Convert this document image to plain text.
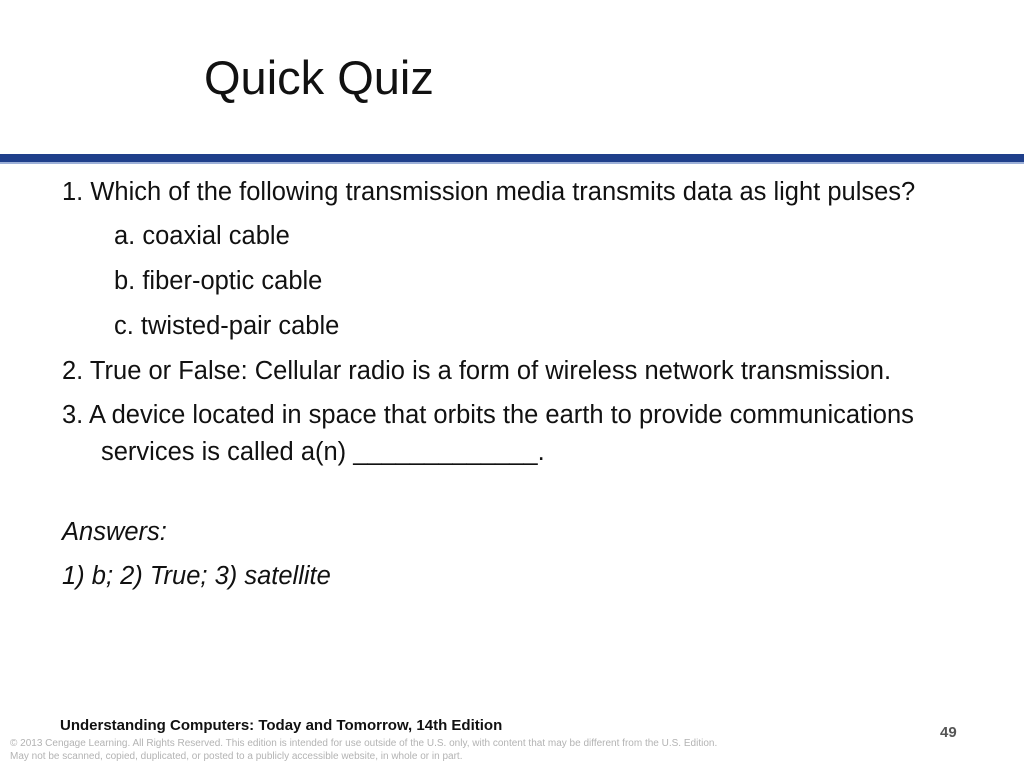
Quick Quiz
1. Which of the following transmission media transmits data as light pulses?
a. coaxial cable
b. fiber-optic cable
c. twisted-pair cable
2. True or False: Cellular radio is a form of wireless network transmission.
3. A device located in space that orbits the earth to provide communications services is called a(n) _____________.
Answers:
1) b; 2) True; 3) satellite
Understanding Computers: Today and Tomorrow, 14th Edition	49
© 2013 Cengage Learning. All Rights Reserved. This edition is intended for use outside of the U.S. only, with content that may be different from the U.S. Edition.
May not be scanned, copied, duplicated, or posted to a publicly accessible website, in whole or in part.
